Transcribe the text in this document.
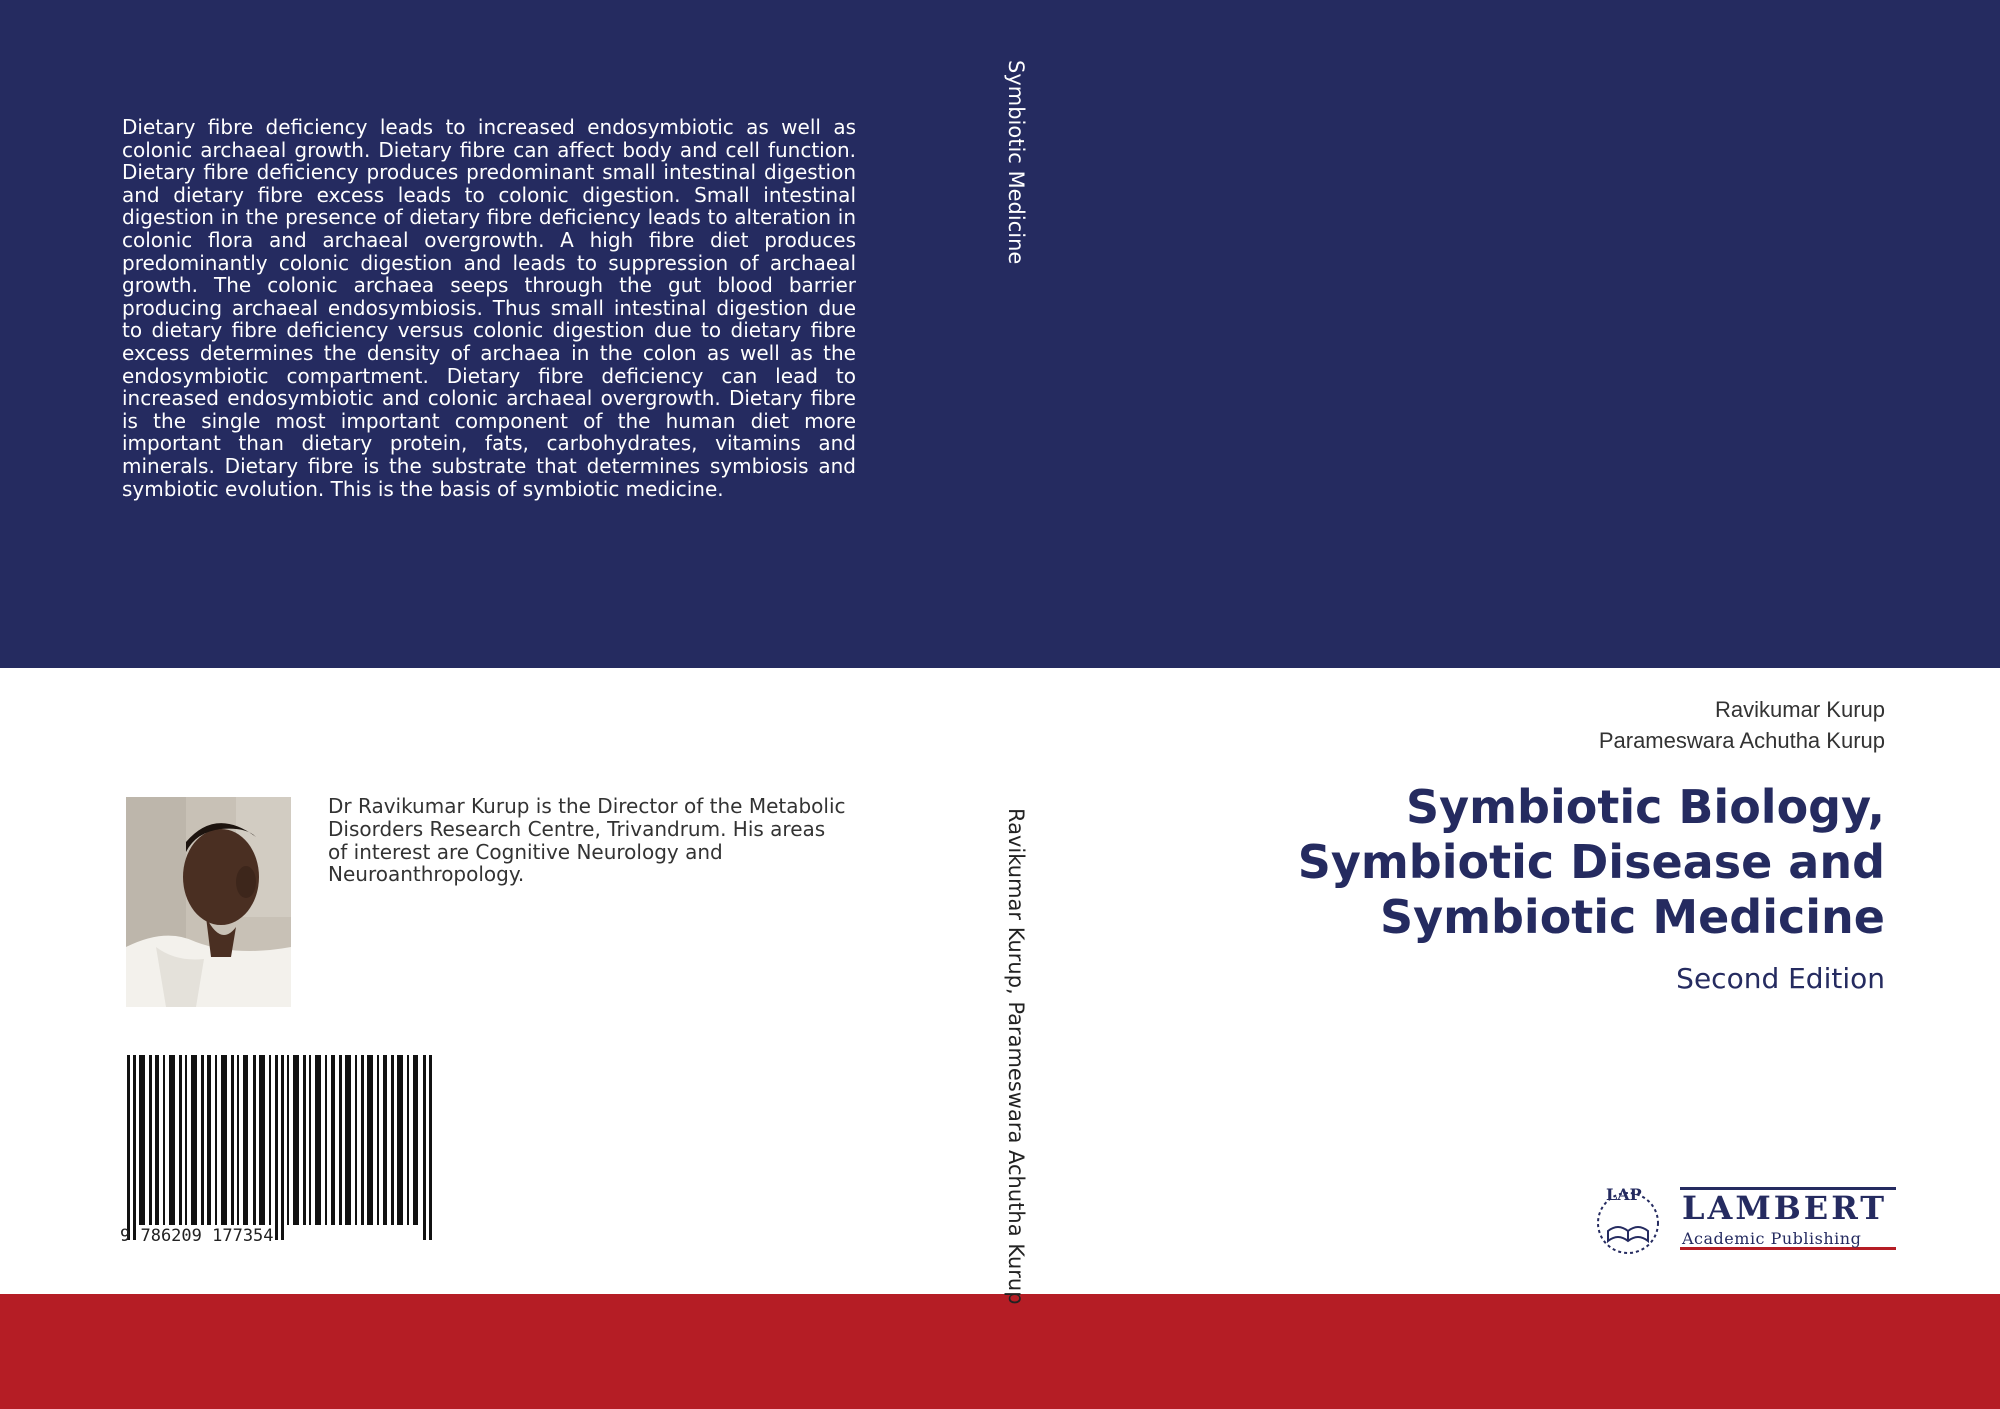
Dietary fibre deficiency leads to increased endosymbiotic as well as colonic archaeal growth. Dietary fibre can affect body and cell function. Dietary fibre deficiency produces predominant small intestinal digestion and dietary fibre excess leads to colonic digestion. Small intestinal digestion in the presence of dietary fibre deficiency leads to alteration in colonic flora and archaeal overgrowth. A high fibre diet produces predominantly colonic digestion and leads to suppression of archaeal growth. The colonic archaea seeps through the gut blood barrier producing archaeal endosymbiosis. Thus small intestinal digestion due to dietary fibre deficiency versus colonic digestion due to dietary fibre excess determines the density of archaea in the colon as well as the endosymbiotic compartment. Dietary fibre deficiency can lead to increased endosymbiotic and colonic archaeal overgrowth. Dietary fibre is the single most important component of the human diet more important than dietary protein, fats, carbohydrates, vitamins and minerals. Dietary fibre is the substrate that determines symbiosis and symbiotic evolution. This is the basis of symbiotic medicine.
Symbiotic Medicine
Ravikumar Kurup, Parameswara Achutha Kurup
Dr Ravikumar Kurup is the Director of the Metabolic Disorders Research Centre, Trivandrum. His areas of interest are Cognitive Neurology and Neuroanthropology.
9 786209 177354
Ravikumar Kurup
Parameswara Achutha Kurup
Symbiotic Biology,
Symbiotic Disease and
Symbiotic Medicine
Second Edition
LAP LAMBERT
Academic Publishing
